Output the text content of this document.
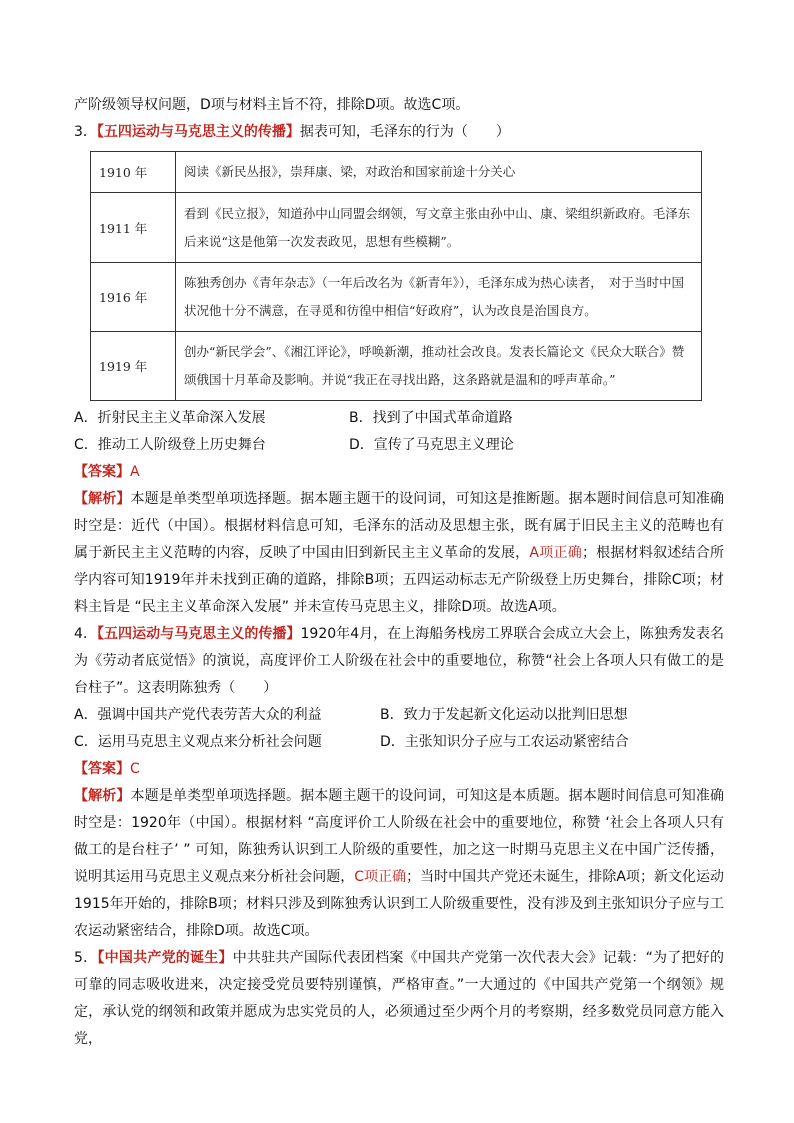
产阶级领导权问题，D项与材料主旨不符，排除D项。故选C项。

3．【五四运动与马克思主义的传播】据表可知，毛泽东的行为（　　）

1910 年	阅读《新民丛报》，崇拜康、梁，对政治和国家前途十分关心
1911 年	看到《民立报》，知道孙中山同盟会纲领，写文章主张由孙中山、康、梁组织新政府。毛泽东后来说“这是他第一次发表政见，思想有些模糊”。
1916 年	陈独秀创办《青年杂志》（一年后改名为《新青年》），毛泽东成为热心读者，　对于当时中国状况他十分不满意，在寻觅和彷徨中相信“好政府”，认为改良是治国良方。
1919 年	创办“新民学会”、《湘江评论》，呼唤新潮，推动社会改良。发表长篇论文《民众大联合》赞颂俄国十月革命及影响。并说“我正在寻找出路，这条路就是温和的呼声革命。”
A．折射民主主义革命深入发展	B．找到了中国式革命道路
C．推动工人阶级登上历史舞台	D．宣传了马克思主义理论

【答案】A

【解析】本题是单类型单项选择题。据本题主题干的设问词，可知这是推断题。据本题时间信息可知准确时空是：近代（中国）。根据材料信息可知，毛泽东的活动及思想主张，既有属于旧民主主义的范畴也有属于新民主主义范畴的内容，反映了中国由旧到新民主主义革命的发展，A项正确；根据材料叙述结合所学内容可知1919年并未找到正确的道路，排除B项；五四运动标志无产阶级登上历史舞台，排除C项；材料主旨是 “民主主义革命深入发展” 并未宣传马克思主义，排除D项。故选A项。

4．【五四运动与马克思主义的传播】1920年4月，在上海船务栈房工界联合会成立大会上，陈独秀发表名为《劳动者底觉悟》的演说，高度评价工人阶级在社会中的重要地位，称赞“社会上各项人只有做工的是台柱子”。这表明陈独秀（　　）

A．强调中国共产党代表劳苦大众的利益	B．致力于发起新文化运动以批判旧思想
C．运用马克思主义观点来分析社会问题	D．主张知识分子应与工农运动紧密结合

【答案】C

【解析】本题是单类型单项选择题。据本题主题干的设问词，可知这是本质题。据本题时间信息可知准确时空是：1920年（中国）。根据材料 “高度评价工人阶级在社会中的重要地位，称赞 ‘社会上各项人只有做工的是台柱子’ ” 可知，陈独秀认识到工人阶级的重要性，加之这一时期马克思主义在中国广泛传播，说明其运用马克思主义观点来分析社会问题，C项正确；当时中国共产党还未诞生，排除A项；新文化运动1915年开始的，排除B项；材料只涉及到陈独秀认识到工人阶级重要性，没有涉及到主张知识分子应与工农运动紧密结合，排除D项。故选C项。

5．【中国共产党的诞生】中共驻共产国际代表团档案《中国共产党第一次代表大会》记载：“为了把好的可靠的同志吸收进来，决定接受党员要特别谨慎，严格审查。”一大通过的《中国共产党第一个纲领》规定，承认党的纲领和政策并愿成为忠实党员的人，必须通过至少两个月的考察期，经多数党员同意方能入党，
